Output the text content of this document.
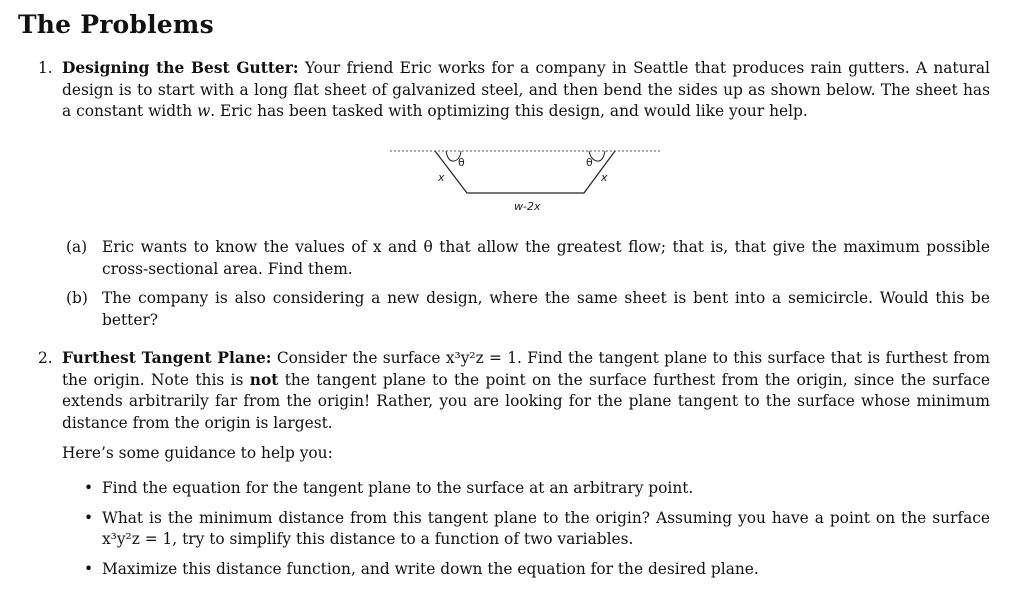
The Problems
1. Designing the Best Gutter: Your friend Eric works for a company in Seattle that produces rain gutters. A natural design is to start with a long flat sheet of galvanized steel, and then bend the sides up as shown below. The sheet has a constant width w. Eric has been tasked with optimizing this design, and would like your help.
θ	θ
x	x
w-2x
(a) Eric wants to know the values of x and θ that allow the greatest flow; that is, that give the maximum possible cross-sectional area. Find them.
(b) The company is also considering a new design, where the same sheet is bent into a semicircle. Would this be better?
2. Furthest Tangent Plane: Consider the surface x³y²z = 1. Find the tangent plane to this surface that is furthest from the origin. Note this is not the tangent plane to the point on the surface furthest from the origin, since the surface extends arbitrarily far from the origin! Rather, you are looking for the plane tangent to the surface whose minimum distance from the origin is largest.
Here’s some guidance to help you:
• Find the equation for the tangent plane to the surface at an arbitrary point.
• What is the minimum distance from this tangent plane to the origin? Assuming you have a point on the surface x³y²z = 1, try to simplify this distance to a function of two variables.
• Maximize this distance function, and write down the equation for the desired plane.
